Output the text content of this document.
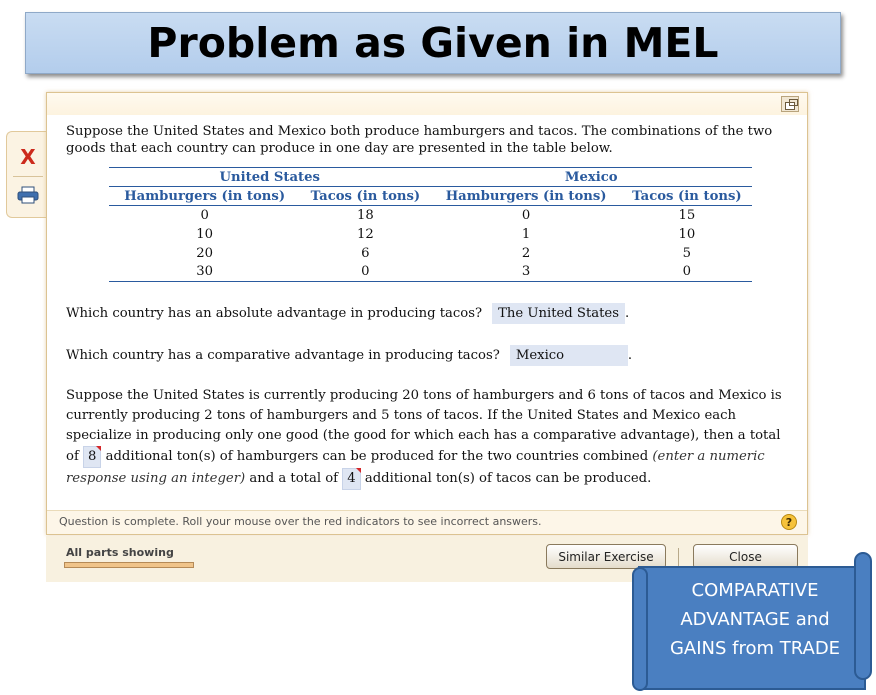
Problem as Given in MEL
X

Suppose the United States and Mexico both produce hamburgers and tacos. The combinations of the two goods that each country can produce in one day are presented in the table below.

United States		Mexico	
Hamburgers (in tons)	Tacos (in tons)	Hamburgers (in tons)	Tacos (in tons)
0	18	0	15
10	12	1	10
20	6	2	5
30	0	3	0
Which country has an absolute advantage in producing tacos?	The United States .
Which country has a comparative advantage in producing tacos?	Mexico	.

Suppose the United States is currently producing 20 tons of hamburgers and 6 tons of tacos and Mexico is currently producing 2 tons of hamburgers and 5 tons of tacos. If the United States and Mexico each specialize in producing only one good (the good for which each has a comparative advantage), then a total of 8 additional ton(s) of hamburgers can be produced for the two countries combined (enter a numeric response using an integer) and a total of 4 additional ton(s) of tacos can be produced.

Question is complete. Roll your mouse over the red indicators to see incorrect answers.	?
All parts showing	Similar Exercise	Close
COMPARATIVE
ADVANTAGE and
GAINS from TRADE
